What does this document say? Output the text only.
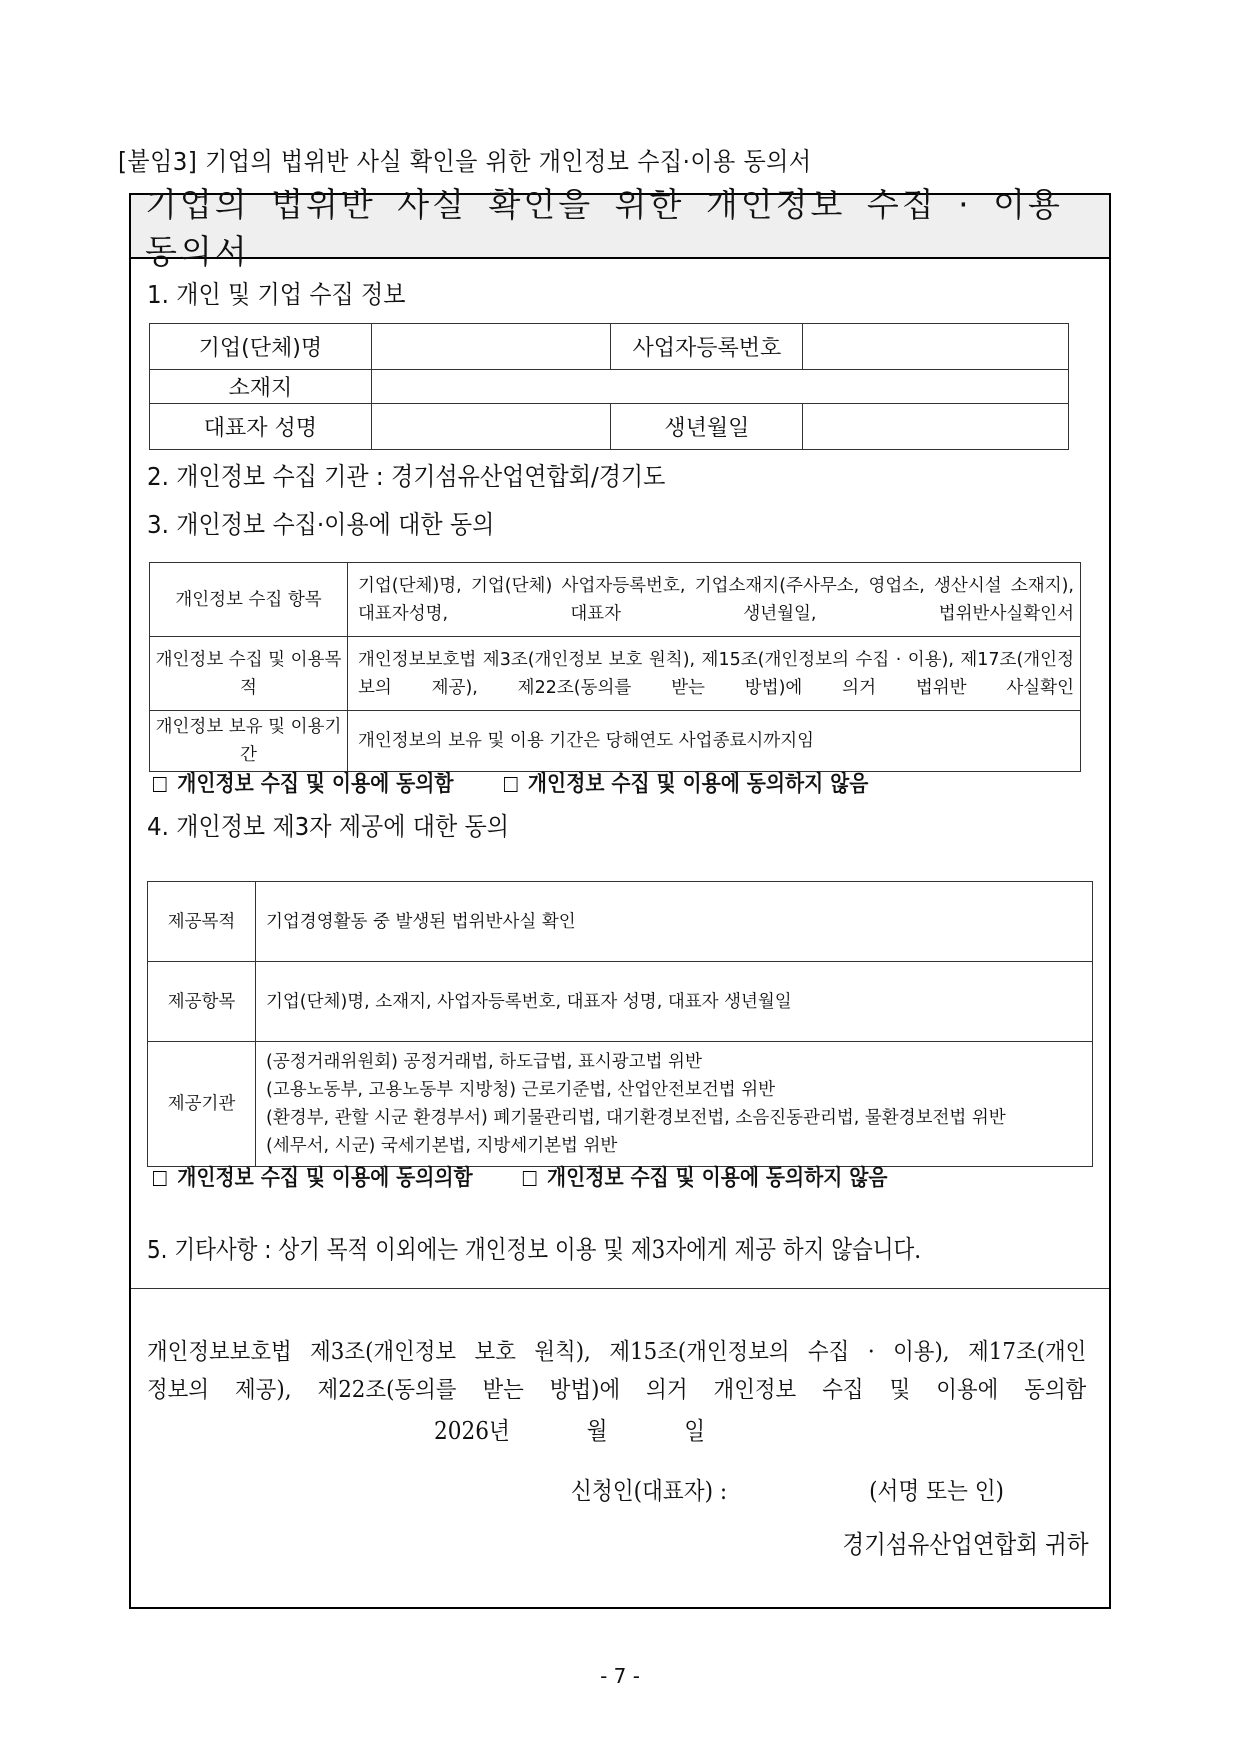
[붙임3] 기업의 법위반 사실 확인을 위한 개인정보 수집·이용 동의서
기업의 법위반 사실 확인을 위한 개인정보 수집 · 이용 동의서
1. 개인 및 기업 수집 정보
기업(단체)명		사업자등록번호	
소재지			
대표자 성명		생년월일	
2. 개인정보 수집 기관 : 경기섬유산업연합회/경기도
3. 개인정보 수집·이용에 대한 동의
개인정보 수집 항목	기업(단체)명, 기업(단체) 사업자등록번호, 기업소재지(주사무소, 영업소, 생산시설 소재지), 대표자성명, 대표자 생년월일, 법위반사실확인서
개인정보 수집 및 이용목적	개인정보보호법 제3조(개인정보 보호 원칙), 제15조(개인정보의 수집 · 이용), 제17조(개인정보의 제공), 제22조(동의를 받는 방법)에 의거 법위반 사실확인
개인정보 보유 및 이용기간	개인정보의 보유 및 이용 기간은 당해연도 사업종료시까지임
개인정보 수집 및 이용에 동의함	개인정보 수집 및 이용에 동의하지 않음
4. 개인정보 제3자 제공에 대한 동의
제공목적	기업경영활동 중 발생된 법위반사실 확인

제공항목	기업(단체)명, 소재지, 사업자등록번호, 대표자 성명, 대표자 생년월일

제공기관	(공정거래위원회) 공정거래법, 하도급법, 표시광고법 위반
(고용노동부, 고용노동부 지방청) 근로기준법, 산업안전보건법 위반
(환경부, 관할 시군 환경부서) 폐기물관리법, 대기환경보전법, 소음진동관리법, 물환경보전법 위반
(세무서, 시군) 국세기본법, 지방세기본법 위반
개인정보 수집 및 이용에 동의의함	개인정보 수집 및 이용에 동의하지 않음
5. 기타사항 : 상기 목적 이외에는 개인정보 이용 및 제3자에게 제공 하지 않습니다.
개인정보보호법 제3조(개인정보 보호 원칙), 제15조(개인정보의 수집 · 이용), 제17조(개인
정보의 제공), 제22조(동의를 받는 방법)에 의거 개인정보 수집 및 이용에 동의함
2026년	월	일
신청인(대표자) :	(서명 또는 인)
경기섬유산업연합회 귀하
- 7 -
